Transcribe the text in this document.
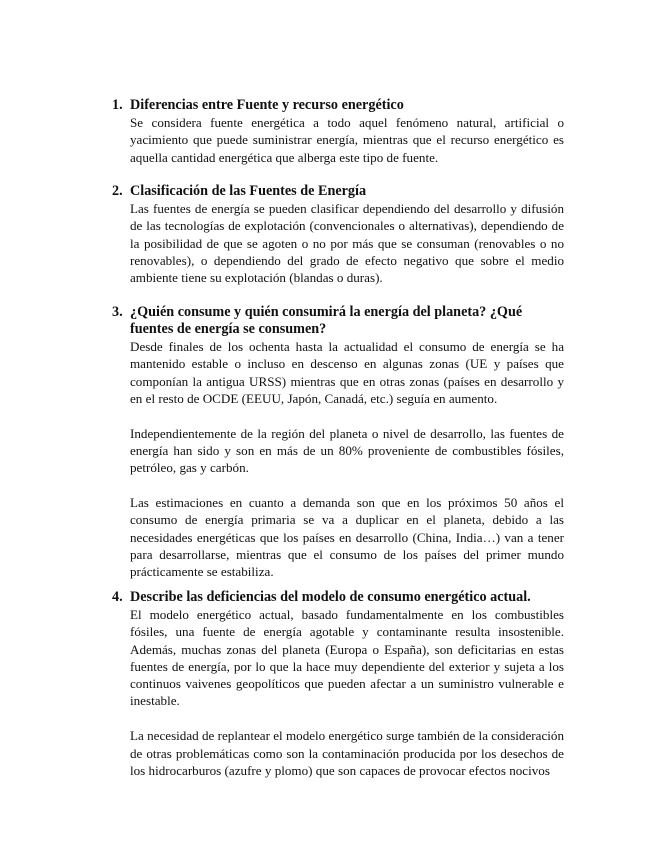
1. Diferencias entre Fuente y recurso energético

Se considera fuente energética a todo aquel fenómeno natural, artificial o yacimiento que puede suministrar energía, mientras que el recurso energético es aquella cantidad energética que alberga este tipo de fuente.

2. Clasificación de las Fuentes de Energía

Las fuentes de energía se pueden clasificar dependiendo del desarrollo y difusión de las tecnologías de explotación (convencionales o alternativas), dependiendo de la posibilidad de que se agoten o no por más que se consuman (renovables o no renovables), o dependiendo del grado de efecto negativo que sobre el medio ambiente tiene su explotación (blandas o duras).

3. ¿Quién consume y quién consumirá la energía del planeta? ¿Qué fuentes de energía se consumen?

Desde finales de los ochenta hasta la actualidad el consumo de energía se ha mantenido estable o incluso en descenso en algunas zonas (UE y países que componían la antigua URSS) mientras que en otras zonas (países en desarrollo y en el resto de OCDE (EEUU, Japón, Canadá, etc.) seguía en aumento.

Independientemente de la región del planeta o nivel de desarrollo, las fuentes de energía han sido y son en más de un 80% proveniente de combustibles fósiles, petróleo, gas y carbón.

Las estimaciones en cuanto a demanda son que en los próximos 50 años el consumo de energía primaria se va a duplicar en el planeta, debido a las necesidades energéticas que los países en desarrollo (China, India…) van a tener para desarrollarse, mientras que el consumo de los países del primer mundo prácticamente se estabiliza.

4. Describe las deficiencias del modelo de consumo energético actual.

El modelo energético actual, basado fundamentalmente en los combustibles fósiles, una fuente de energía agotable y contaminante resulta insostenible. Además, muchas zonas del planeta (Europa o España), son deficitarias en estas fuentes de energía, por lo que la hace muy dependiente del exterior y sujeta a los continuos vaivenes geopolíticos que pueden afectar a un suministro vulnerable e inestable.

La necesidad de replantear el modelo energético surge también de la consideración de otras problemáticas como son la contaminación producida por los desechos de los hidrocarburos (azufre y plomo) que son capaces de provocar efectos nocivos
